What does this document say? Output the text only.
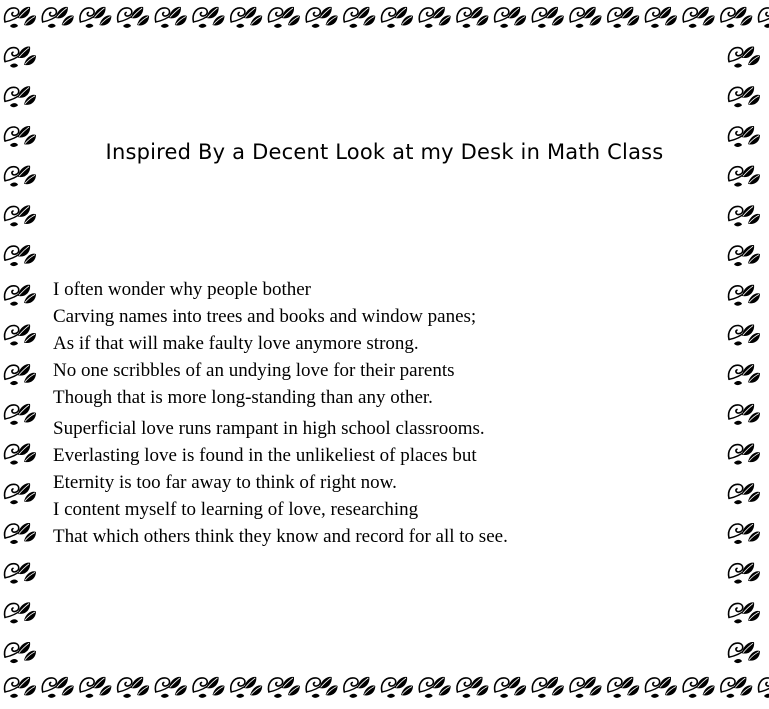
Inspired By a Decent Look at my Desk in Math Class
I often wonder why people bother
Carving names into trees and books and window panes;
As if that will make faulty love anymore strong.
No one scribbles of an undying love for their parents
Though that is more long-standing than any other.
Superficial love runs rampant in high school classrooms.
Everlasting love is found in the unlikeliest of places but
Eternity is too far away to think of right now.
I content myself to learning of love, researching
That which others think they know and record for all to see.
